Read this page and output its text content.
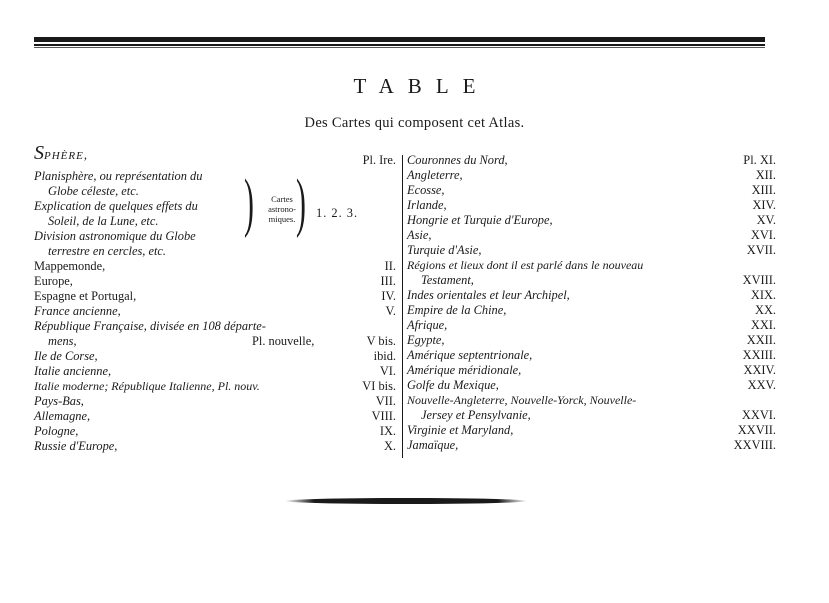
TABLE
Des Cartes qui composent cet Atlas.
SPHÈRE,	Pl. Ire.
Planisphère, ou représentation du
Globe céleste, etc.
Explication de quelques effets du
Soleil, de la Lune, etc.
Division astronomique du Globe
terrestre en cercles, etc.
)	Cartes
astrono-
miques. ) 1. 2. 3.
Mappemonde,	II.
Europe,	III.
Espagne et Portugal,	IV.
France ancienne,	V.
République Française, divisée en 108 départe-
mens,	Pl. nouvelle,	V bis.
Ile de Corse,	ibid.
Italie ancienne,	VI.
Italie moderne; République Italienne, Pl. nouv.	VI bis.
Pays-Bas,	VII.
Allemagne,	VIII.
Pologne,	IX.
Russie d'Europe,	X.
Couronnes du Nord,	Pl. XI.
Angleterre,	XII.
Ecosse,	XIII.
Irlande,	XIV.
Hongrie et Turquie d'Europe,	XV.
Asie,	XVI.
Turquie d'Asie,	XVII.
Régions et lieux dont il est parlé dans le nouveau
Testament,	XVIII.
Indes orientales et leur Archipel,	XIX.
Empire de la Chine,	XX.
Afrique,	XXI.
Egypte,	XXII.
Amérique septentrionale,	XXIII.
Amérique méridionale,	XXIV.
Golfe du Mexique,	XXV.
Nouvelle-Angleterre, Nouvelle-Yorck, Nouvelle-
Jersey et Pensylvanie,	XXVI.
Virginie et Maryland,	XXVII.
Jamaïque,	XXVIII.
